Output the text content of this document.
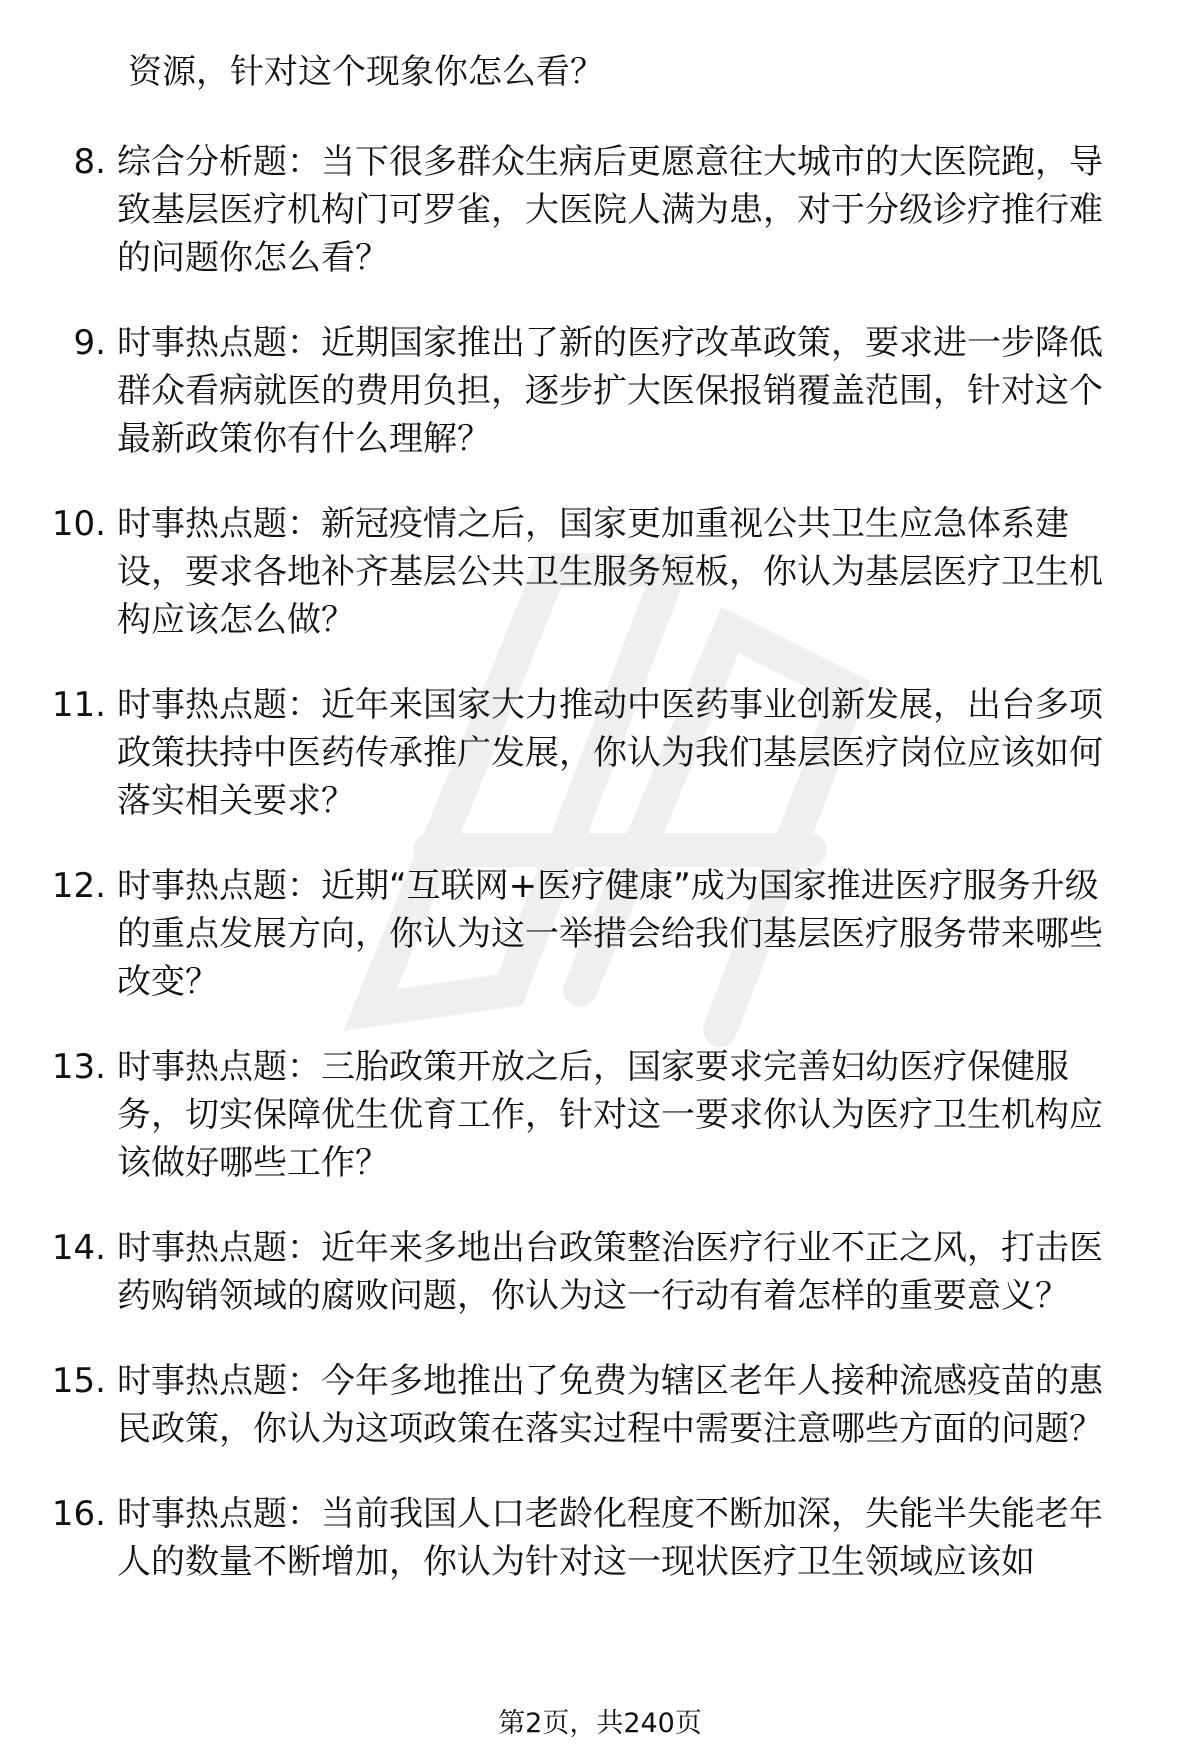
资源，针对这个现象你怎么看？
8. 综合分析题：当下很多群众生病后更愿意往大城市的大医院跑，导致基层医疗机构门可罗雀，大医院人满为患，对于分级诊疗推行难的问题你怎么看？
9. 时事热点题：近期国家推出了新的医疗改革政策，要求进一步降低群众看病就医的费用负担，逐步扩大医保报销覆盖范围，针对这个最新政策你有什么理解？
10. 时事热点题：新冠疫情之后，国家更加重视公共卫生应急体系建设，要求各地补齐基层公共卫生服务短板，你认为基层医疗卫生机构应该怎么做？
11. 时事热点题：近年来国家大力推动中医药事业创新发展，出台多项政策扶持中医药传承推广发展，你认为我们基层医疗岗位应该如何落实相关要求？
12. 时事热点题：近期“互联网+医疗健康”成为国家推进医疗服务升级的重点发展方向，你认为这一举措会给我们基层医疗服务带来哪些改变？
13. 时事热点题：三胎政策开放之后，国家要求完善妇幼医疗保健服务，切实保障优生优育工作，针对这一要求你认为医疗卫生机构应该做好哪些工作？
14. 时事热点题：近年来多地出台政策整治医疗行业不正之风，打击医药购销领域的腐败问题，你认为这一行动有着怎样的重要意义？
15. 时事热点题：今年多地推出了免费为辖区老年人接种流感疫苗的惠民政策，你认为这项政策在落实过程中需要注意哪些方面的问题？
16. 时事热点题：当前我国人口老龄化程度不断加深，失能半失能老年人的数量不断增加，你认为针对这一现状医疗卫生领域应该如
第2页，共240页
